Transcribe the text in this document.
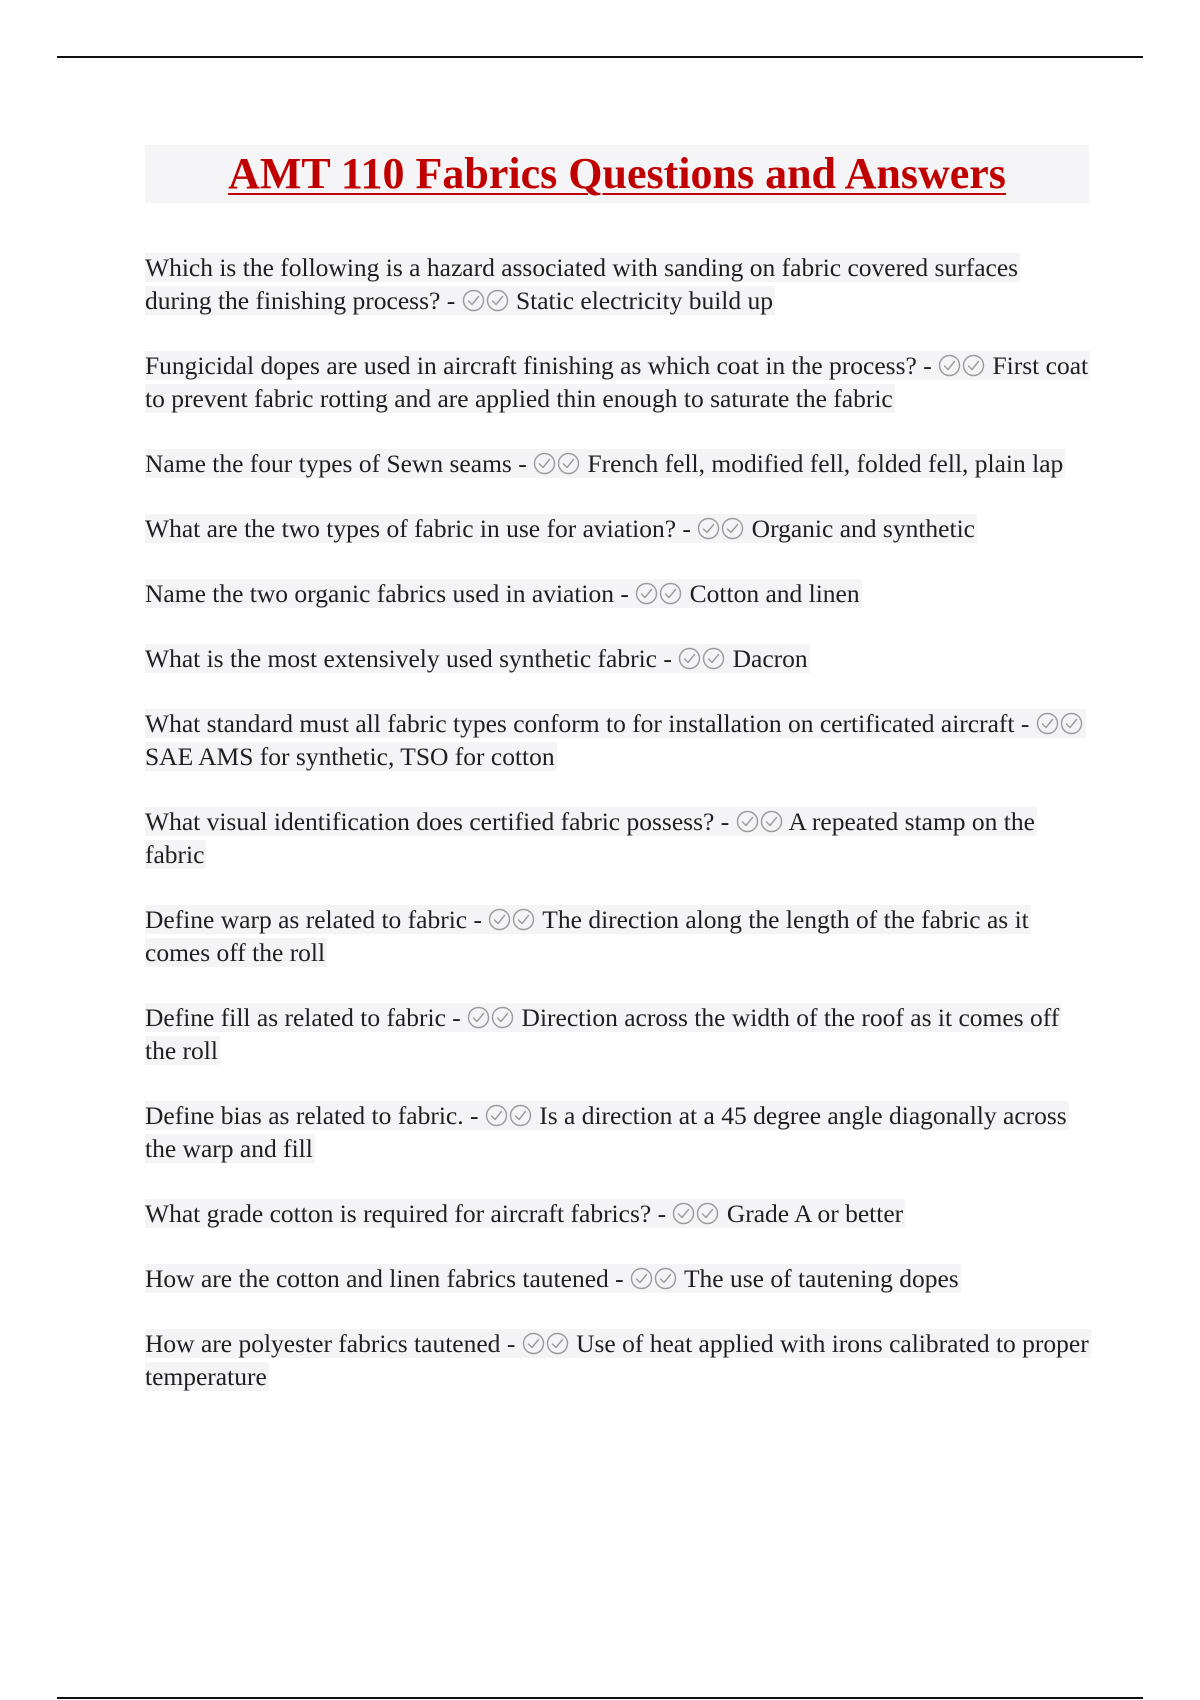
AMT 110 Fabrics Questions and Answers
Which is the following is a hazard associated with sanding on fabric covered surfaces during the finishing process? -
Static electricity build up
Fungicidal dopes are used in aircraft finishing as which coat in the process? -
First coat to prevent fabric rotting and are applied thin enough to saturate the fabric
Name the four types of Sewn seams -
French fell, modified fell, folded fell, plain lap
What are the two types of fabric in use for aviation? -
Organic and synthetic
Name the two organic fabrics used in aviation -
Cotton and linen
What is the most extensively used synthetic fabric -
Dacron
What standard must all fabric types conform to for installation on certificated aircraft -
SAE AMS for synthetic, TSO for cotton
What visual identification does certified fabric possess? -
A repeated stamp on the fabric
Define warp as related to fabric -
The direction along the length of the fabric as it comes off the roll
Define fill as related to fabric -
Direction across the width of the roof as it comes off the roll
Define bias as related to fabric. -
Is a direction at a 45 degree angle diagonally across the warp and fill
What grade cotton is required for aircraft fabrics? -
Grade A or better
How are the cotton and linen fabrics tautened -
The use of tautening dopes
How are polyester fabrics tautened -
Use of heat applied with irons calibrated to proper temperature
